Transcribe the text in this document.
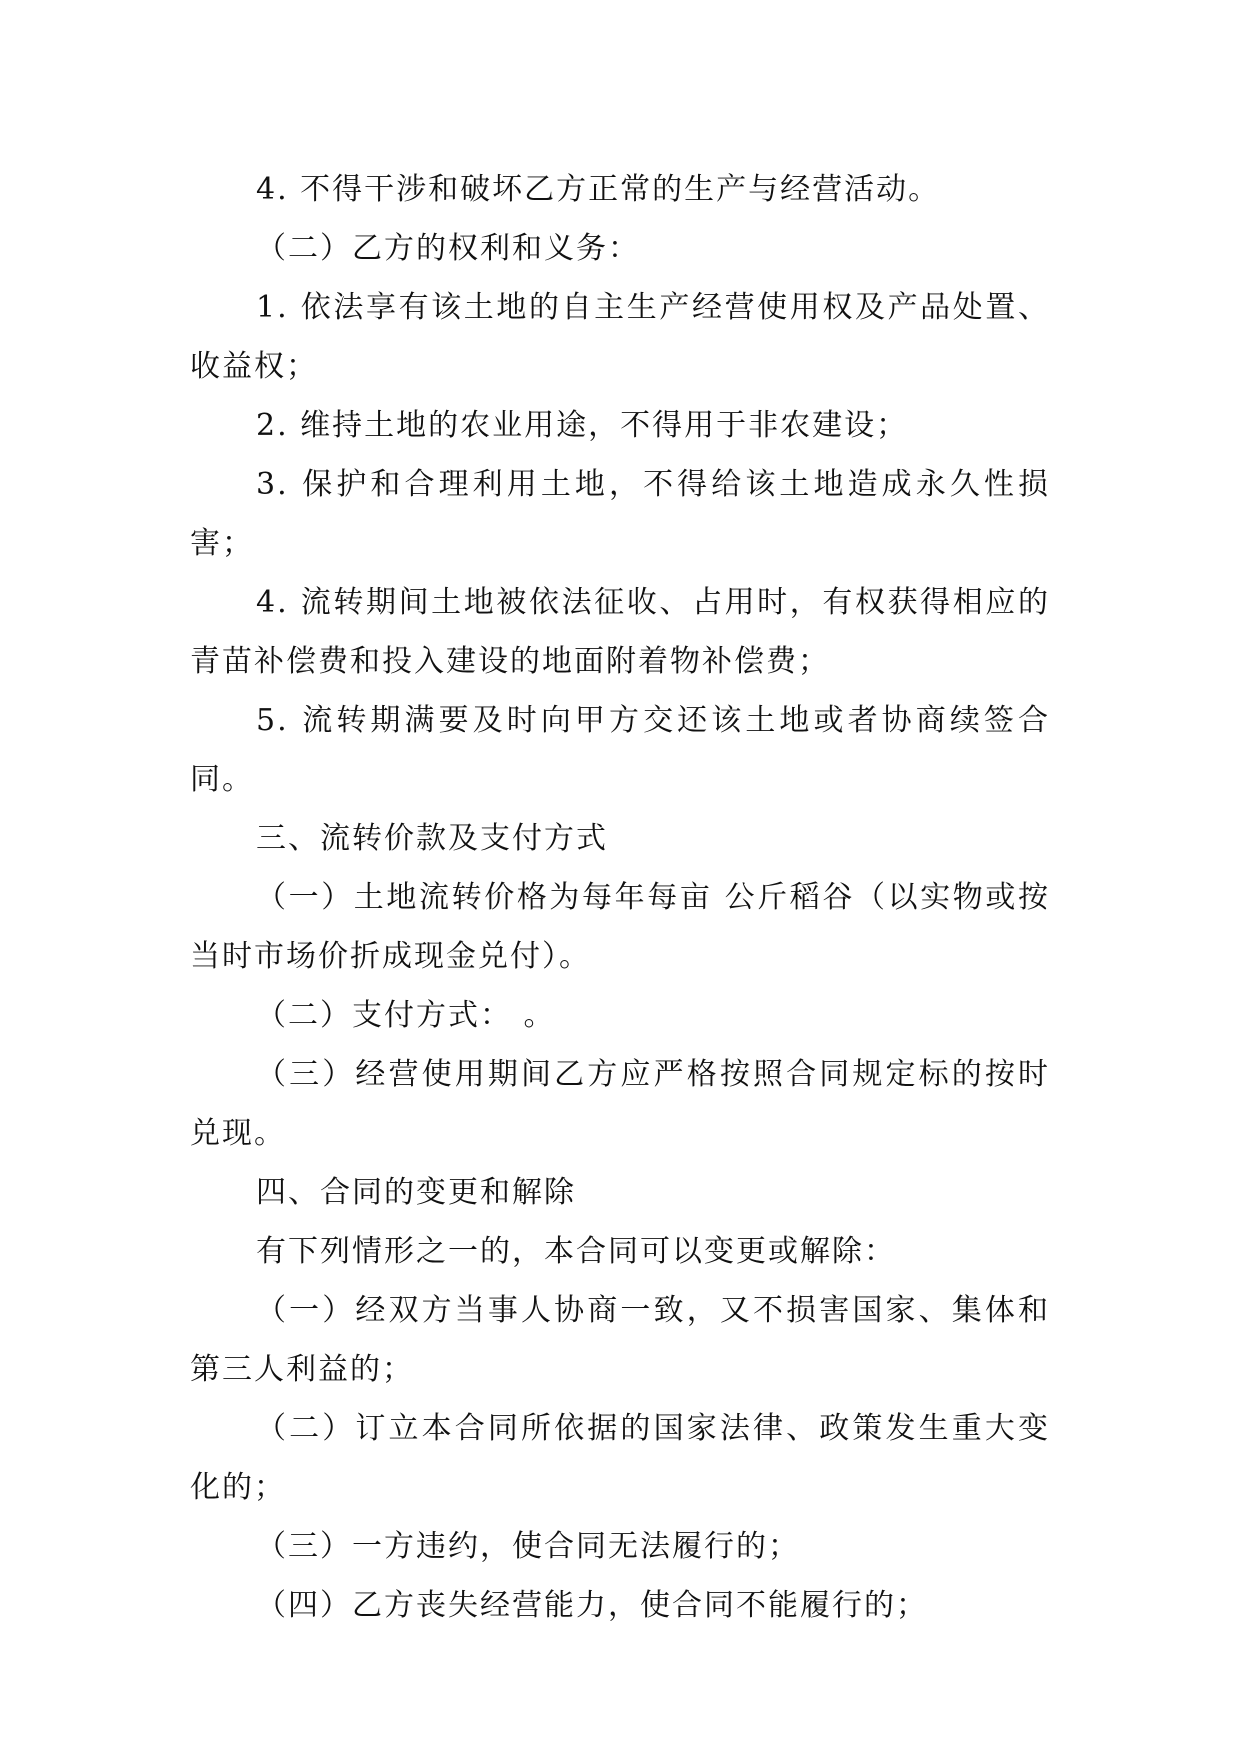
4. 不得干涉和破坏乙方正常的生产与经营活动。

（二）乙方的权利和义务：

1. 依法享有该土地的自主生产经营使用权及产品处置、收益权；

2. 维持土地的农业用途，不得用于非农建设；

3. 保护和合理利用土地，不得给该土地造成永久性损害；

4. 流转期间土地被依法征收、占用时，有权获得相应的青苗补偿费和投入建设的地面附着物补偿费；

5. 流转期满要及时向甲方交还该土地或者协商续签合同。

三、流转价款及支付方式

（一）土地流转价格为每年每亩 公斤稻谷（以实物或按当时市场价折成现金兑付）。

（二）支付方式： 。

（三）经营使用期间乙方应严格按照合同规定标的按时兑现。

四、合同的变更和解除

有下列情形之一的，本合同可以变更或解除：

（一）经双方当事人协商一致，又不损害国家、集体和第三人利益的；

（二）订立本合同所依据的国家法律、政策发生重大变化的；

（三）一方违约，使合同无法履行的；

（四）乙方丧失经营能力，使合同不能履行的；
